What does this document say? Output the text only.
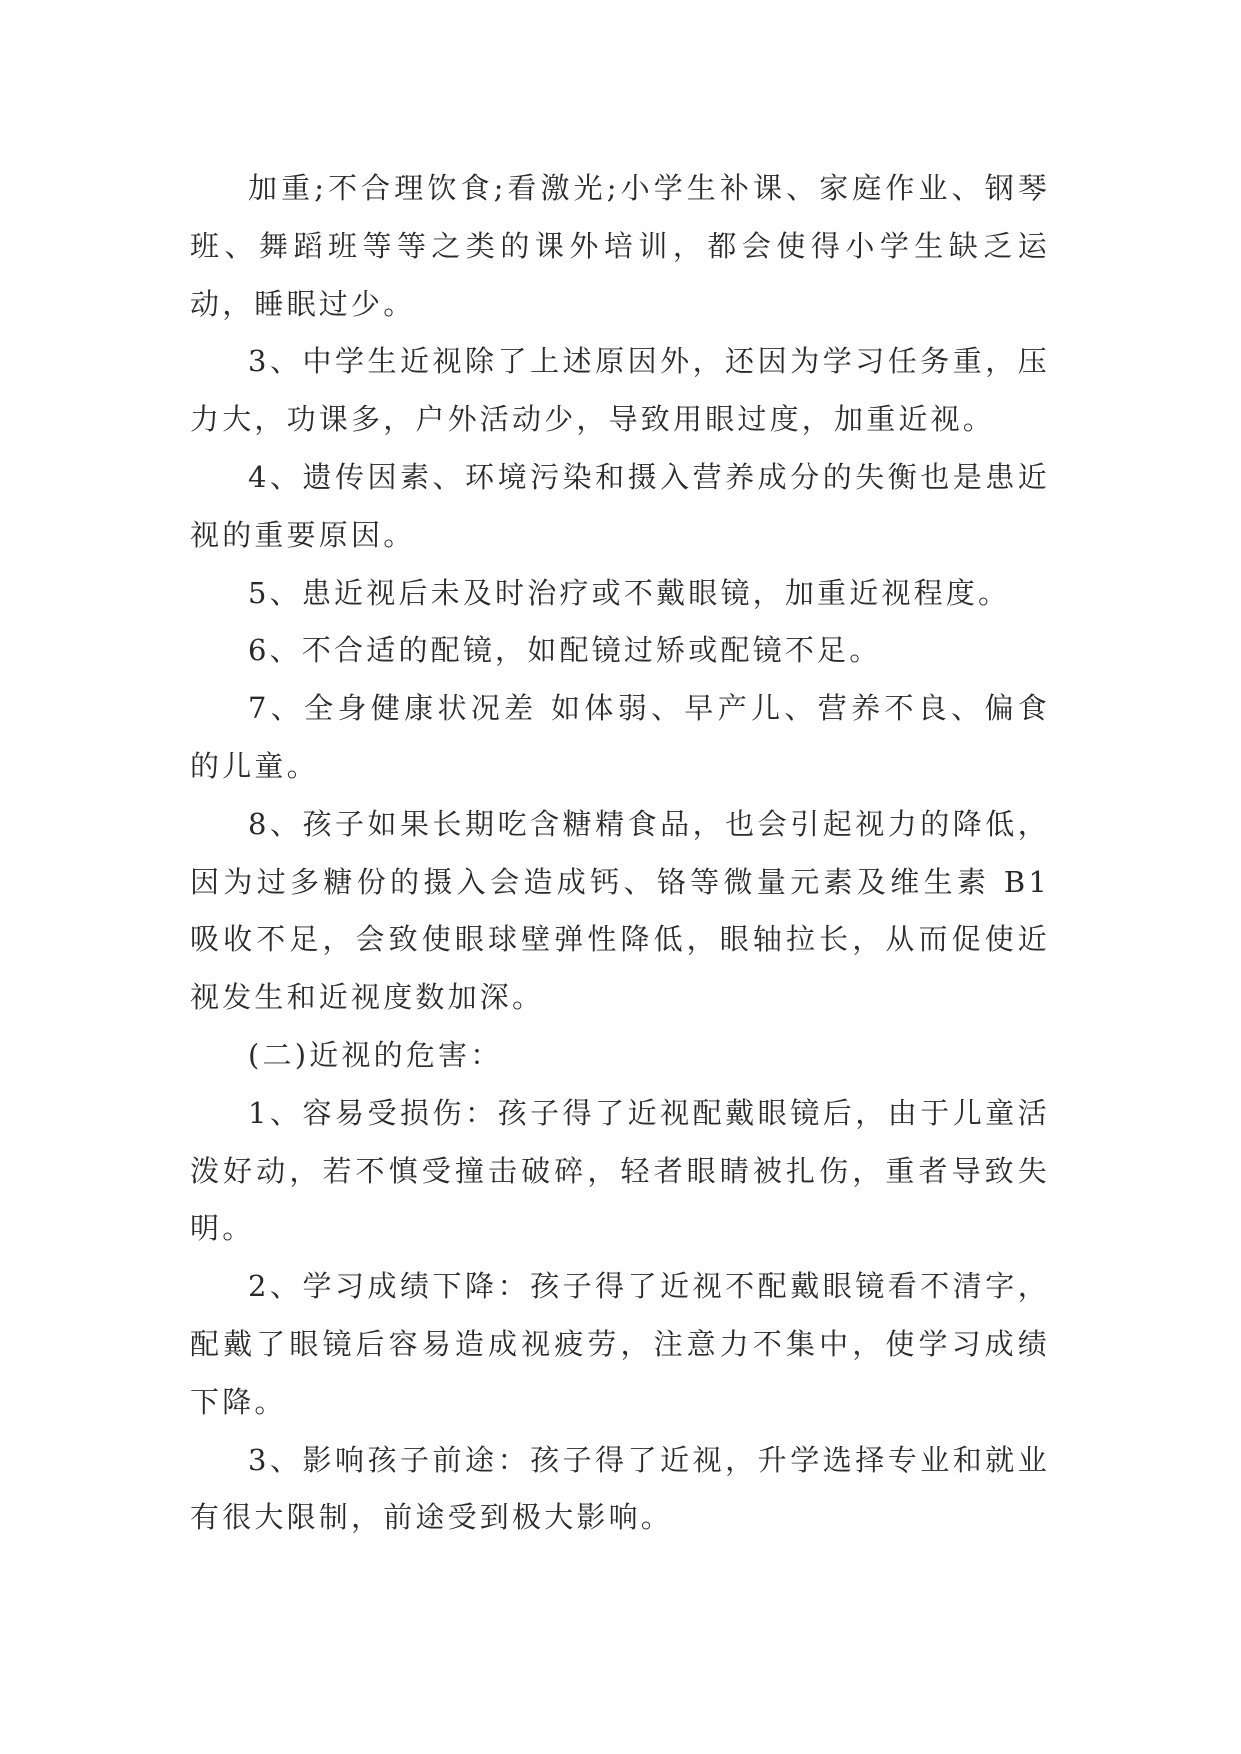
加重;不合理饮食;看激光;小学生补课、家庭作业、钢琴班、舞蹈班等等之类的课外培训，都会使得小学生缺乏运动，睡眠过少。

3、中学生近视除了上述原因外，还因为学习任务重，压力大，功课多，户外活动少，导致用眼过度，加重近视。

4、遗传因素、环境污染和摄入营养成分的失衡也是患近视的重要原因。

5、患近视后未及时治疗或不戴眼镜，加重近视程度。

6、不合适的配镜，如配镜过矫或配镜不足。

7、全身健康状况差 如体弱、早产儿、营养不良、偏食的儿童。

8、孩子如果长期吃含糖精食品，也会引起视力的降低，因为过多糖份的摄入会造成钙、铬等微量元素及维生素 B1 吸收不足，会致使眼球壁弹性降低，眼轴拉长，从而促使近视发生和近视度数加深。

(二)近视的危害：

1、容易受损伤：孩子得了近视配戴眼镜后，由于儿童活泼好动，若不慎受撞击破碎，轻者眼睛被扎伤，重者导致失明。

2、学习成绩下降：孩子得了近视不配戴眼镜看不清字，配戴了眼镜后容易造成视疲劳，注意力不集中，使学习成绩下降。

3、影响孩子前途：孩子得了近视，升学选择专业和就业有很大限制，前途受到极大影响。
